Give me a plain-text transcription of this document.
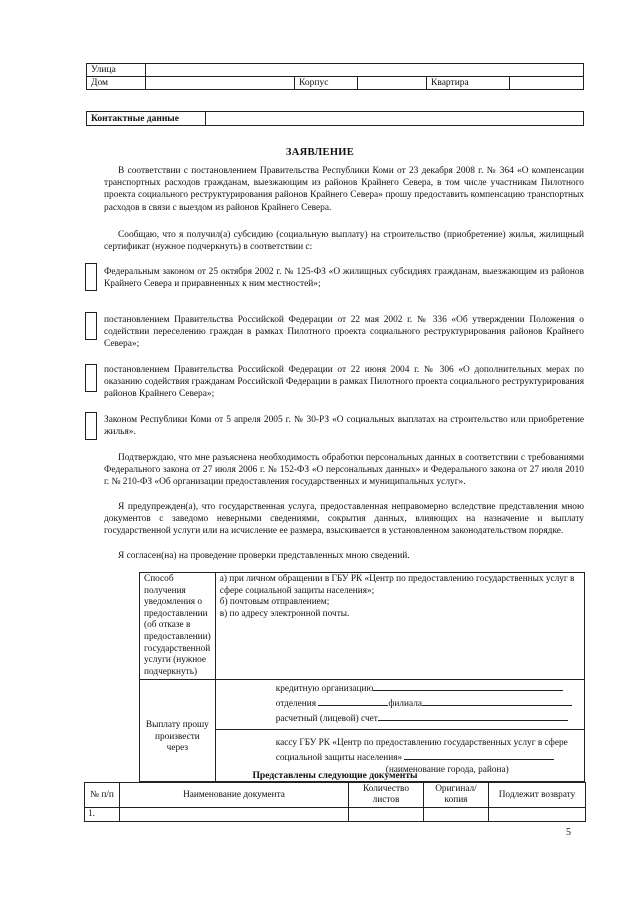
Улица					
Дом		Корпус		Квартира	
Контактные данные	
ЗАЯВЛЕНИЕ
В соответствии с постановлением Правительства Республики Коми от 23 декабря 2008 г. № 364 «О компенсации транспортных расходов гражданам, выезжающим из районов Крайнего Севера, в том числе участникам Пилотного проекта социального реструктурирования районов Крайнего Севера» прошу предоставить компенсацию транспортных расходов в связи с выездом из районов Крайнего Севера.
Сообщаю, что я получил(а) субсидию (социальную выплату) на строительство (приобретение) жилья, жилищный сертификат (нужное подчеркнуть) в соответствии с:
Федеральным законом от 25 октября 2002 г. № 125-ФЗ «О жилищных субсидиях гражданам, выезжающим из районов Крайнего Севера и приравненных к ним местностей»;
постановлением Правительства Российской Федерации от 22 мая 2002 г. № 336 «Об утверждении Положения о содействии переселению граждан в рамках Пилотного проекта социального реструктурирования районов Крайнего Севера»;
постановлением Правительства Российской Федерации от 22 июня 2004 г. № 306 «О дополнительных мерах по оказанию содействия гражданам Российской Федерации в рамках Пилотного проекта социального реструктурирования районов Крайнего Севера»;
Законом Республики Коми от 5 апреля 2005 г. № 30-РЗ «О социальных выплатах на строительство или приобретение жилья».
Подтверждаю, что мне разъяснена необходимость обработки персональных данных в соответствии с требованиями Федерального закона от 27 июля 2006 г. № 152-ФЗ «О персональных данных» и Федерального закона от 27 июля 2010 г. № 210-ФЗ «Об организации предоставления государственных и муниципальных услуг».
Я предупрежден(а), что государственная услуга, предоставленная неправомерно вследствие представления мною документов с заведомо неверными сведениями, сокрытия данных, влияющих на назначение и выплату государственной услуги или на исчисление ее размера, взыскивается в установленном законодательством порядке.
Я согласен(на) на проведение проверки представленных мною сведений.
Способ получения уведомления о предоставлении (об отказе в предоставлении) государственной услуги (нужное подчеркнуть)	а) при личном обращении в ГБУ РК «Центр по предоставлению государственных услуг в сфере социальной защиты населения»;
б) почтовым отправлением;
в) по адресу электронной почты.

Выплату прошу произвести через	кредитную организацию
отделения филиала
расчетный (лицевой) счет

	кассу ГБУ РК «Центр по предоставлению государственных услуг в сфере социальной защиты населения»
(наименование города, района)
Представлены следующие документы
№ п/п	Наименование документа	Количество листов	Оригинал/копия	Подлежит возврату
1.				
5
